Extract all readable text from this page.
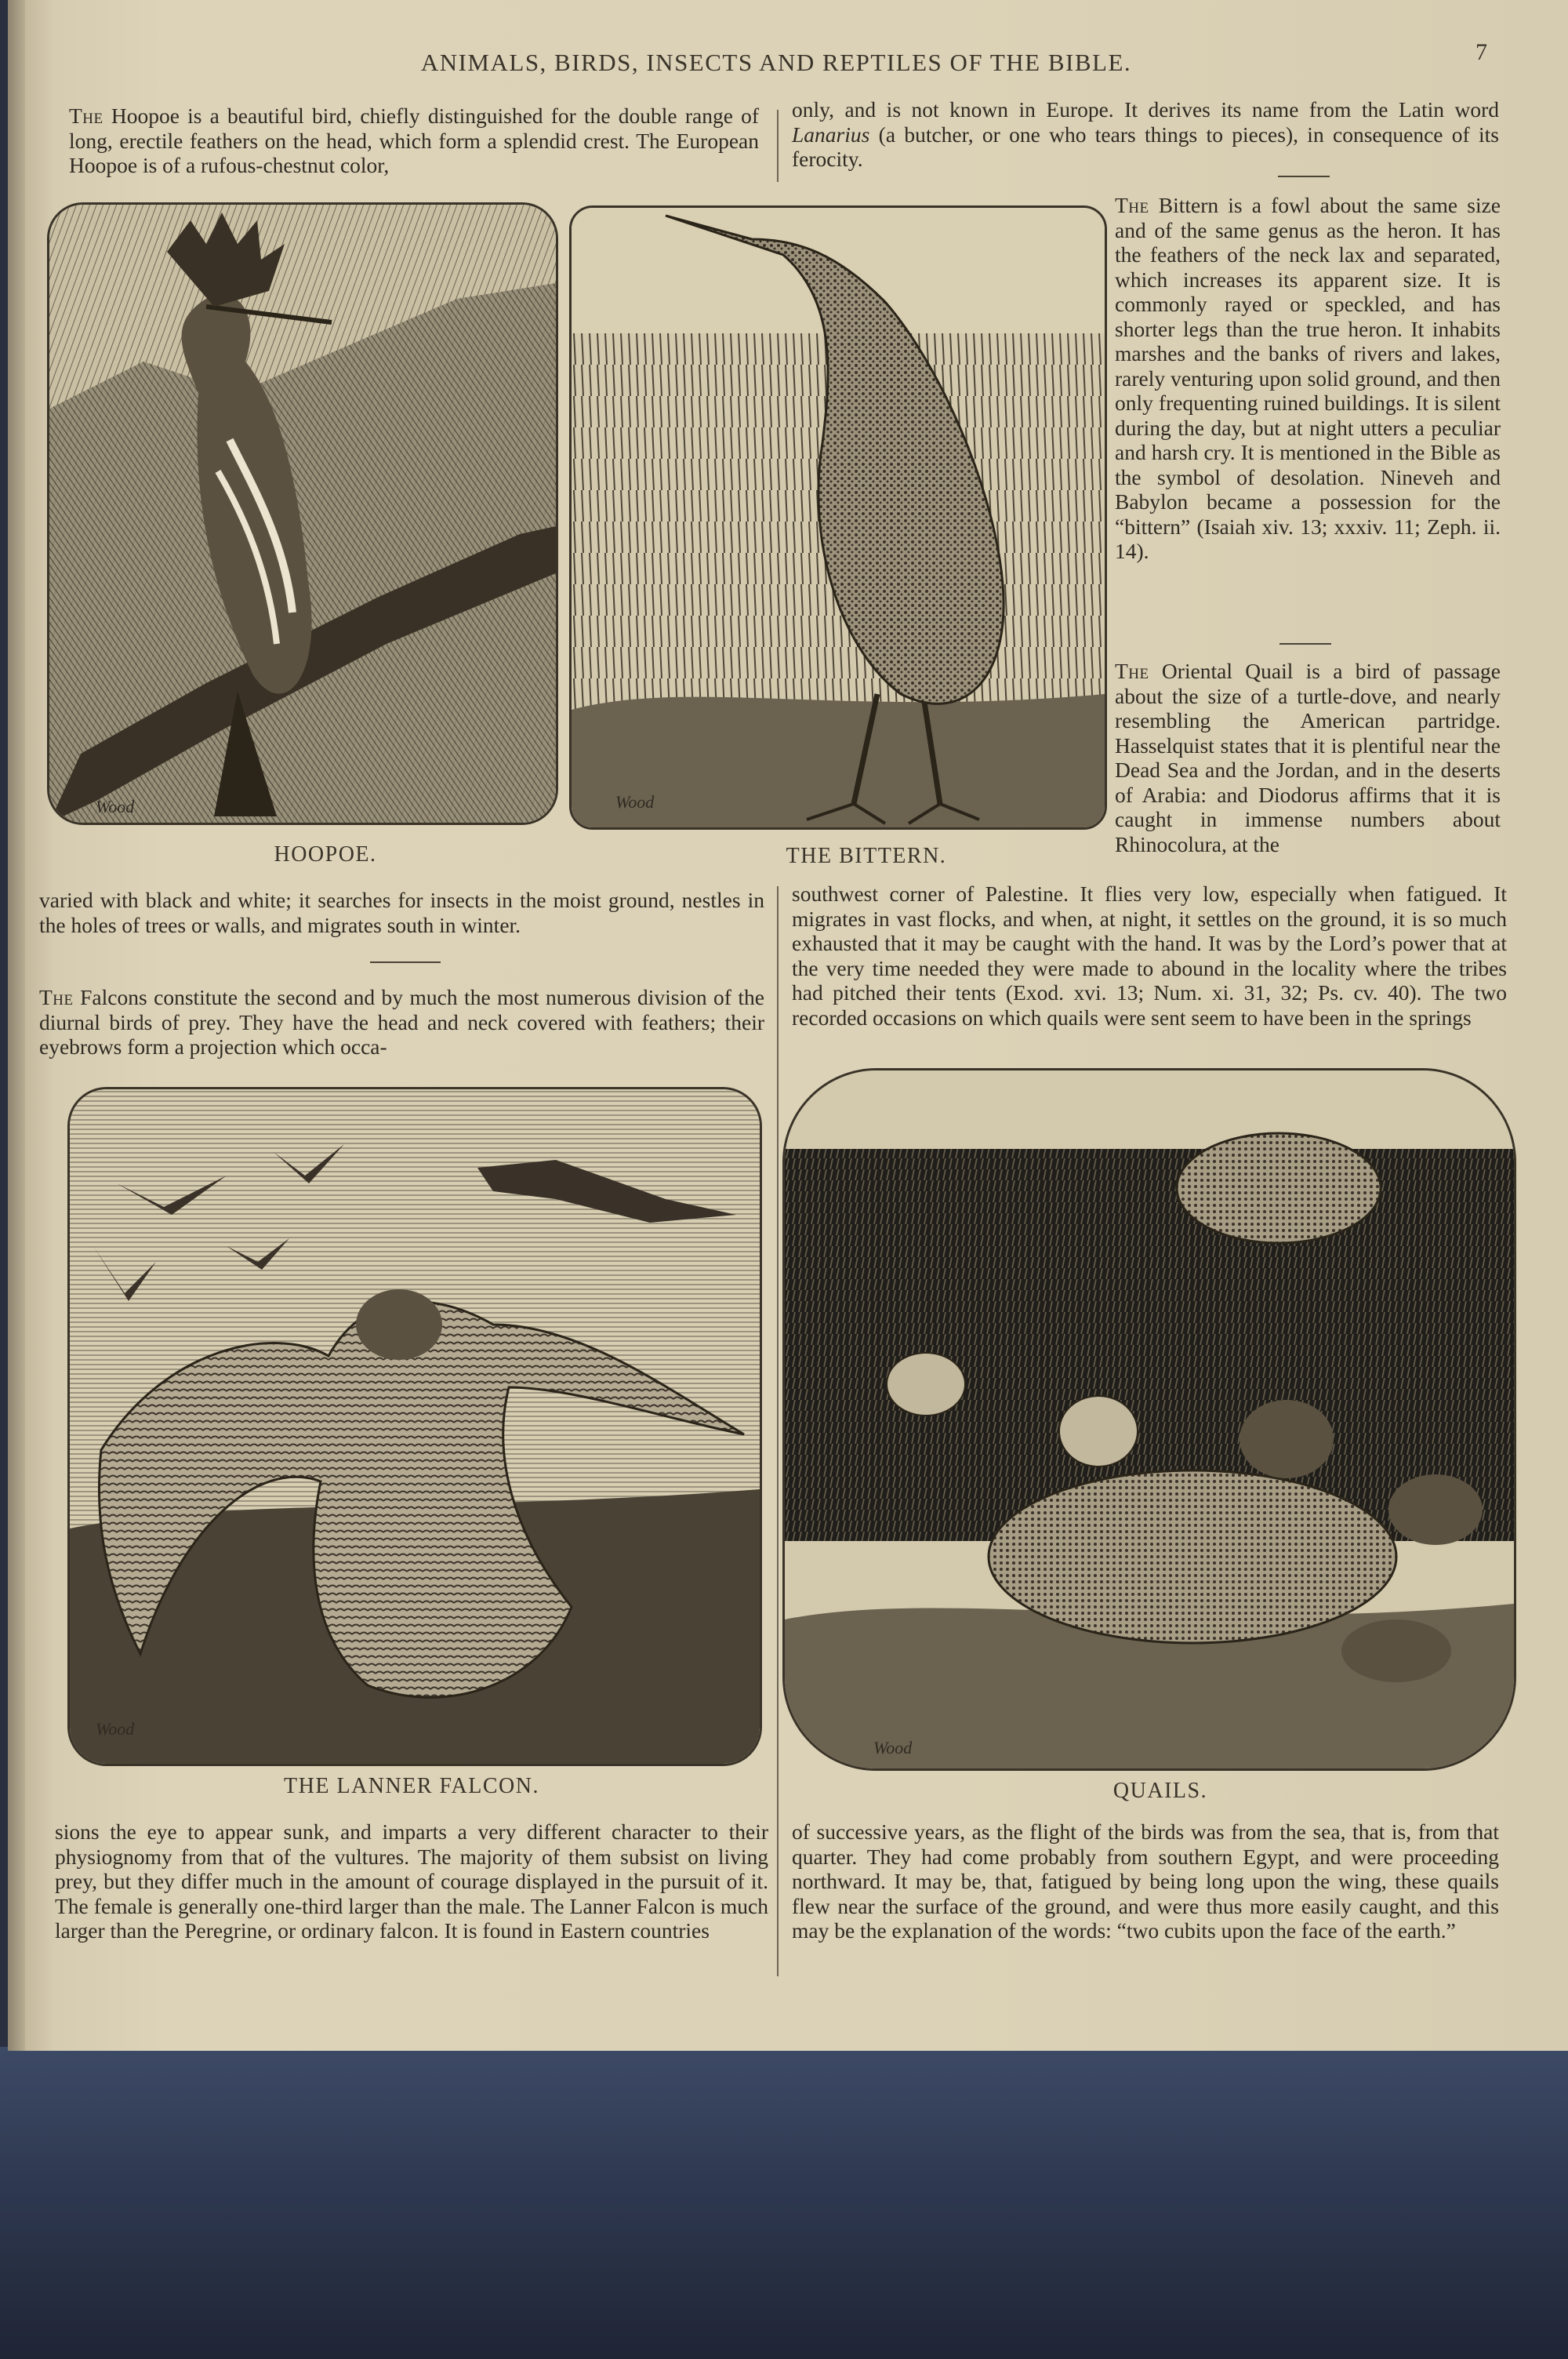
ANIMALS, BIRDS, INSECTS AND REPTILES OF THE BIBLE.	7
The Hoopoe is a beautiful bird, chiefly distinguished for the double range of long, erectile feathers on the head, which form a splendid crest. The European Hoopoe is of a rufous-chestnut color,
only, and is not known in Europe. It derives its name from the Latin word Lanarius (a butcher, or one who tears things to pieces), in consequence of its ferocity.
HOOPOE.
Wood
THE BITTERN.
Wood
The Bittern is a fowl about the same size and of the same genus as the heron. It has the feathers of the neck lax and separated, which increases its apparent size. It is commonly rayed or speckled, and has shorter legs than the true heron. It inhabits marshes and the banks of rivers and lakes, rarely venturing upon solid ground, and then only frequenting ruined buildings. It is silent during the day, but at night utters a peculiar and harsh cry. It is mentioned in the Bible as the symbol of desolation. Nineveh and Babylon became a possession for the “bittern” (Isaiah xiv. 13; xxxiv. 11; Zeph. ii. 14).
The Oriental Quail is a bird of passage about the size of a turtle-dove, and nearly resembling the American partridge. Hasselquist states that it is plentiful near the Dead Sea and the Jordan, and in the deserts of Arabia: and Diodorus affirms that it is caught in immense numbers about Rhinocolura, at the
varied with black and white; it searches for insects in the moist ground, nestles in the holes of trees or walls, and migrates south in winter.
The Falcons constitute the second and by much the most numerous division of the diurnal birds of prey. They have the head and neck covered with feathers; their eyebrows form a projection which occa-
southwest corner of Palestine. It flies very low, especially when fatigued. It migrates in vast flocks, and when, at night, it settles on the ground, it is so much exhausted that it may be caught with the hand. It was by the Lord’s power that at the very time needed they were made to abound in the locality where the tribes had pitched their tents (Exod. xvi. 13; Num. xi. 31, 32; Ps. cv. 40). The two recorded occasions on which quails were sent seem to have been in the springs
THE LANNER FALCON.
Wood
QUAILS.
Wood
sions the eye to appear sunk, and imparts a very different character to their physiognomy from that of the vultures. The majority of them subsist on living prey, but they differ much in the amount of courage displayed in the pursuit of it. The female is generally one-third larger than the male. The Lanner Falcon is much larger than the Peregrine, or ordinary falcon. It is found in Eastern countries
of successive years, as the flight of the birds was from the sea, that is, from that quarter. They had come probably from southern Egypt, and were proceeding northward. It may be, that, fatigued by being long upon the wing, these quails flew near the surface of the ground, and were thus more easily caught, and this may be the explanation of the words: “two cubits upon the face of the earth.”
